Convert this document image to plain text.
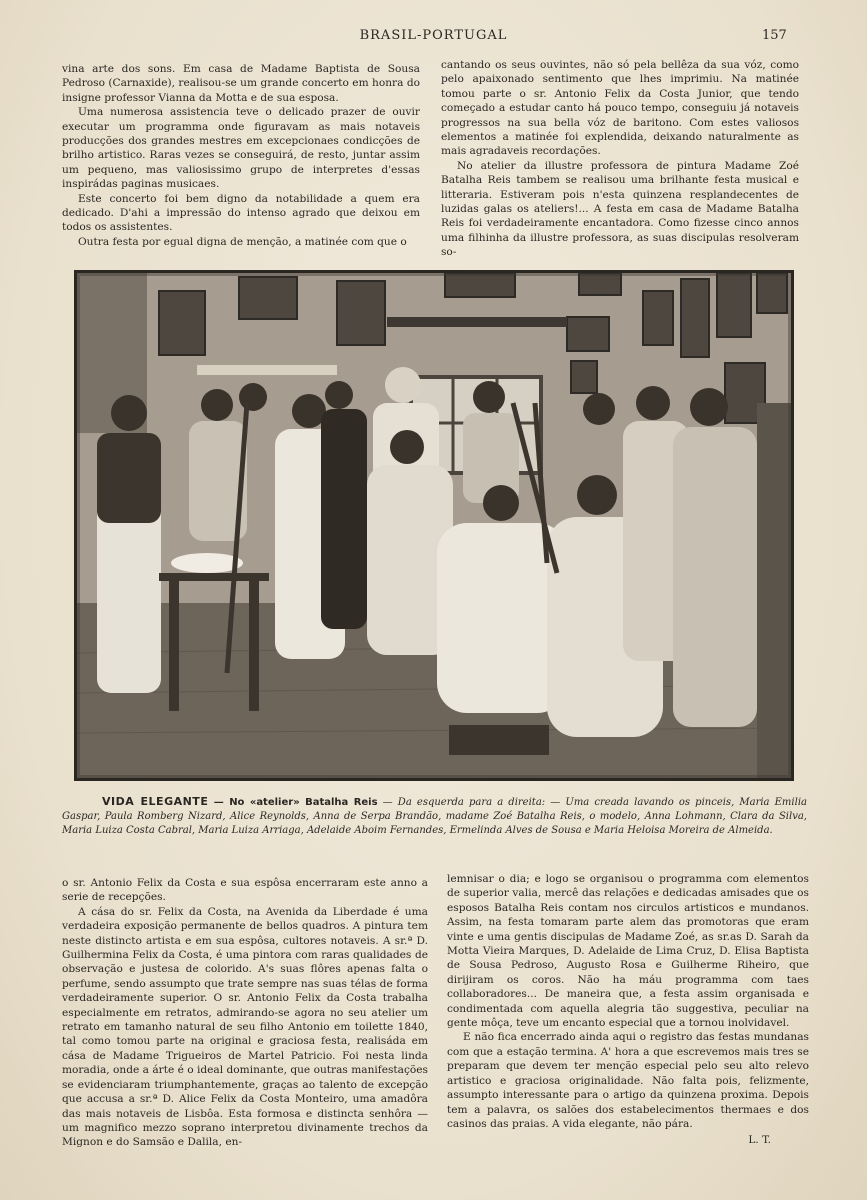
BRASIL-PORTUGAL	157

vina arte dos sons. Em casa de Madame Baptista de Sousa Pedroso (Carnaxide), realisou-se um grande concerto em honra do insigne professor Vianna da Motta e de sua esposa.

Uma numerosa assistencia teve o delicado prazer de ouvir executar um programma onde figuravam as mais notaveis producções dos grandes mestres em excepcionaes condicções de brilho artistico. Raras vezes se conseguirá, de resto, juntar assim um pequeno, mas valiosissimo grupo de interpretes d'essas inspirádas paginas musicaes.

Este concerto foi bem digno da notabilidade a quem era dedicado. D'ahi a impressão do intenso agrado que deixou em todos os assistentes.

Outra festa por egual digna de menção, a matinée com que o

cantando os seus ouvintes, não só pela bellêza da sua vóz, como pelo apaixonado sentimento que lhes imprimiu. Na matinée tomou parte o sr. Antonio Felix da Costa Junior, que tendo começado a estudar canto há pouco tempo, conseguiu já notaveis progressos na sua bella vóz de baritono. Com estes valiosos elementos a matinée foi explendida, deixando naturalmente as mais agradaveis recordações.

No atelier da illustre professora de pintura Madame Zoé Batalha Reis tambem se realisou uma brilhante festa musical e litteraria. Estiveram pois n'esta quinzena resplandecentes de luzidas galas os ateliers!... A festa em casa de Madame Batalha Reis foi verdadeiramente encantadora. Como fizesse cinco annos uma filhinha da illustre professora, as suas discipulas resolveram so-

VIDA ELEGANTE — No «atelier» Batalha Reis — Da esquerda para a direita: — Uma creada lavando os pinceis, Maria Emilia Gaspar, Paula Romberg Nizard, Alice Reynolds, Anna de Serpa Brandão, madame Zoé Batalha Reis, o modelo, Anna Lohmann, Clara da Silva, Maria Luiza Costa Cabral, Maria Luiza Arriaga, Adelaide Aboim Fernandes, Ermelinda Alves de Sousa e Maria Heloisa Moreira de Almeida.

o sr. Antonio Felix da Costa e sua espôsa encerraram este anno a serie de recepções.

A cása do sr. Felix da Costa, na Avenida da Liberdade é uma verdadeira exposição permanente de bellos quadros. A pintura tem neste distincto artista e em sua espôsa, cultores notaveis. A sr.ª D. Guilhermina Felix da Costa, é uma pintora com raras qualidades de observação e justesa de colorido. A's suas flôres apenas falta o perfume, sendo assumpto que trate sempre nas suas télas de forma verdadeiramente superior. O sr. Antonio Felix da Costa trabalha especialmente em retratos, admirando-se agora no seu atelier um retrato em tamanho natural de seu filho Antonio em toilette 1840, tal como tomou parte na original e graciosa festa, realisáda em cása de Madame Trigueiros de Martel Patricio. Foi nesta linda moradia, onde a árte é o ideal dominante, que outras manifestações se evidenciaram triumphantemente, graças ao talento de excepção que accusa a sr.ª D. Alice Felix da Costa Monteiro, uma amadôra das mais notaveis de Lisbôa. Esta formosa e distincta senhôra — um magnifico mezzo soprano interpretou divinamente trechos da Mignon e do Samsão e Dalila, en-

lemnisar o dia; e logo se organisou o programma com elementos de superior valia, mercê das relações e dedicadas amisades que os esposos Batalha Reis contam nos circulos artisticos e mundanos. Assim, na festa tomaram parte alem das promotoras que eram vinte e uma gentis discipulas de Madame Zoé, as sr.as D. Sarah da Motta Vieira Marques, D. Adelaide de Lima Cruz, D. Elisa Baptista de Sousa Pedroso, Augusto Rosa e Guilherme Riheiro, que dirijiram os coros. Não ha máu programma com taes collaboradores... De maneira que, a festa assim organisada e condimentada com aquella alegria tão suggestiva, peculiar na gente môça, teve um encanto especial que a tornou inolvidavel.

E não fica encerrado ainda aqui o registro das festas mundanas com que a estação termina. A' hora a que escrevemos mais tres se preparam que devem ter menção especial pelo seu alto relevo artistico e graciosa originalidade. Não falta pois, felizmente, assumpto interessante para o artigo da quinzena proxima. Depois tem a palavra, os salões dos estabelecimentos thermaes e dos casinos das praias. A vida elegante, não pára.

L. T.
